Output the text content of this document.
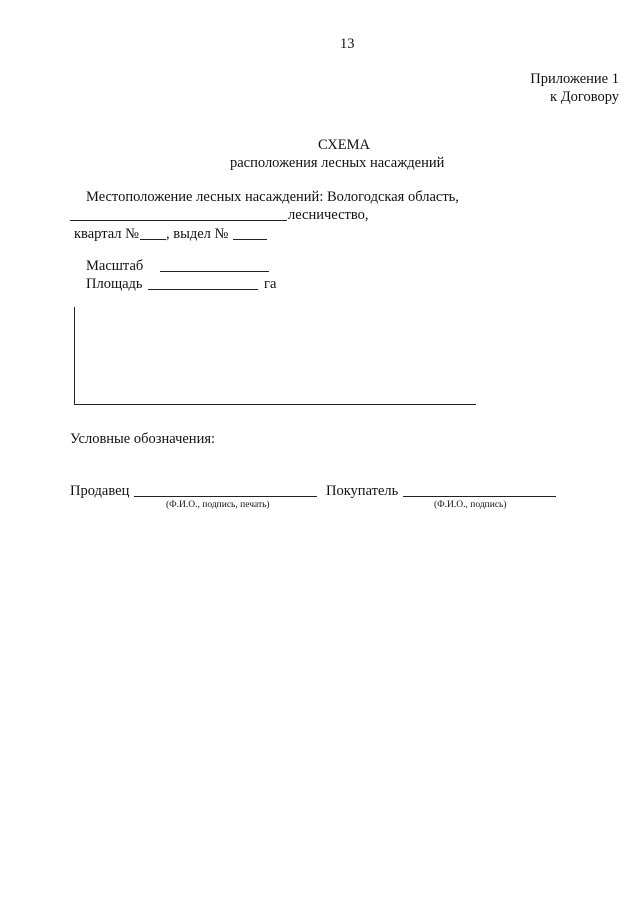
13
Приложение 1
к Договору
СХЕМА
расположения лесных насаждений
Местоположение лесных насаждений: Вологодская область,
лесничество,
квартал № , выдел №
Масштаб
Площадь	га
Условные обозначения:
Продавец
(Ф.И.О., подпись, печать)
Покупатель
(Ф.И.О., подпись)
